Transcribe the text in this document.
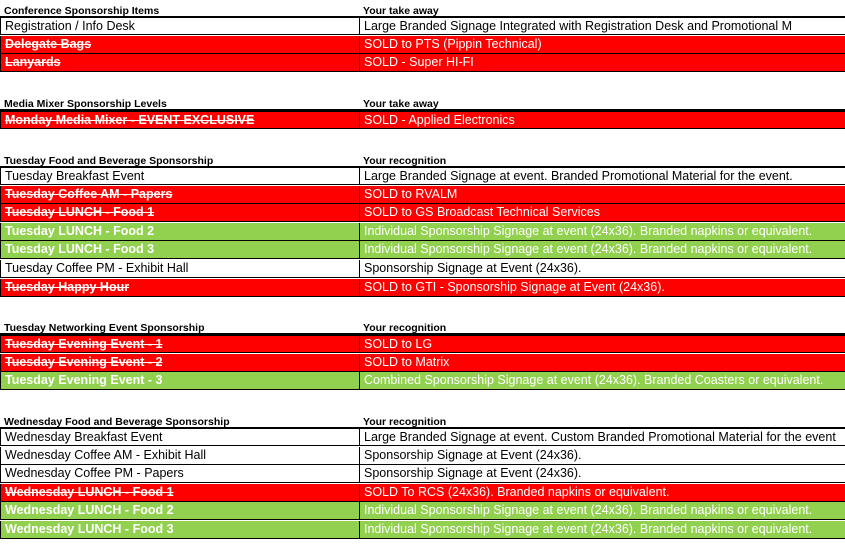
Conference Sponsorship Items	Your take away
Registration / Info Desk	Large Branded Signage Integrated with Registration Desk and Promotional M
Delegate Bags	SOLD to PTS (Pippin Technical)
Lanyards	SOLD - Super HI-FI
Media Mixer Sponsorship Levels	Your take away
Monday Media Mixer - EVENT EXCLUSIVE	SOLD - Applied Electronics
Tuesday Food and Beverage Sponsorship	Your recognition
Tuesday Breakfast Event	Large Branded Signage at event. Branded Promotional Material for the event.
Tuesday Coffee AM - Papers	SOLD to RVALM
Tuesday LUNCH - Food 1	SOLD to GS Broadcast Technical Services
Tuesday LUNCH - Food 2	Individual Sponsorship Signage at event (24x36). Branded napkins or equivalent.
Tuesday LUNCH - Food 3	Individual Sponsorship Signage at event (24x36). Branded napkins or equivalent.
Tuesday Coffee PM - Exhibit Hall	Sponsorship Signage at Event (24x36).
Tuesday Happy Hour	SOLD to GTI - Sponsorship Signage at Event (24x36).
Tuesday Networking Event Sponsorship	Your recognition
Tuesday Evening Event - 1	SOLD to LG
Tuesday Evening Event - 2	SOLD to Matrix
Tuesday Evening Event - 3	Combined Sponsorship Signage at event (24x36). Branded Coasters or equivalent.
Wednesday Food and Beverage Sponsorship	Your recognition
Wednesday Breakfast Event	Large Branded Signage at event. Custom Branded Promotional Material for the event
Wednesday Coffee AM - Exhibit Hall	Sponsorship Signage at Event (24x36).
Wednesday Coffee PM - Papers	Sponsorship Signage at Event (24x36).
Wednesday LUNCH - Food 1	SOLD To RCS (24x36). Branded napkins or equivalent.
Wednesday LUNCH - Food 2	Individual Sponsorship Signage at event (24x36). Branded napkins or equivalent.
Wednesday LUNCH - Food 3	Individual Sponsorship Signage at event (24x36). Branded napkins or equivalent.
